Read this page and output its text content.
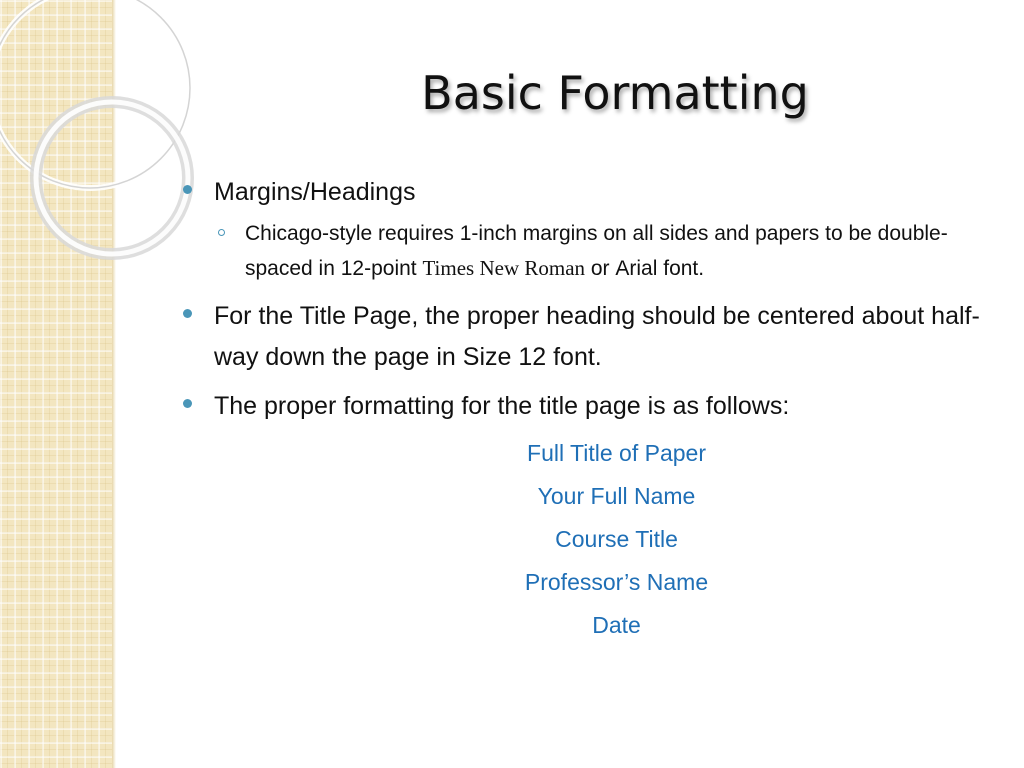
Basic Formatting
Margins/Headings
Chicago-style requires 1-inch margins on all sides and papers to be double-spaced in 12-point Times New Roman or Arial font.
For the Title Page, the proper heading should be centered about half-way down the page in Size 12 font.
The proper formatting for the title page is as follows:
Full Title of Paper
Your Full Name
Course Title
Professor’s Name
Date
